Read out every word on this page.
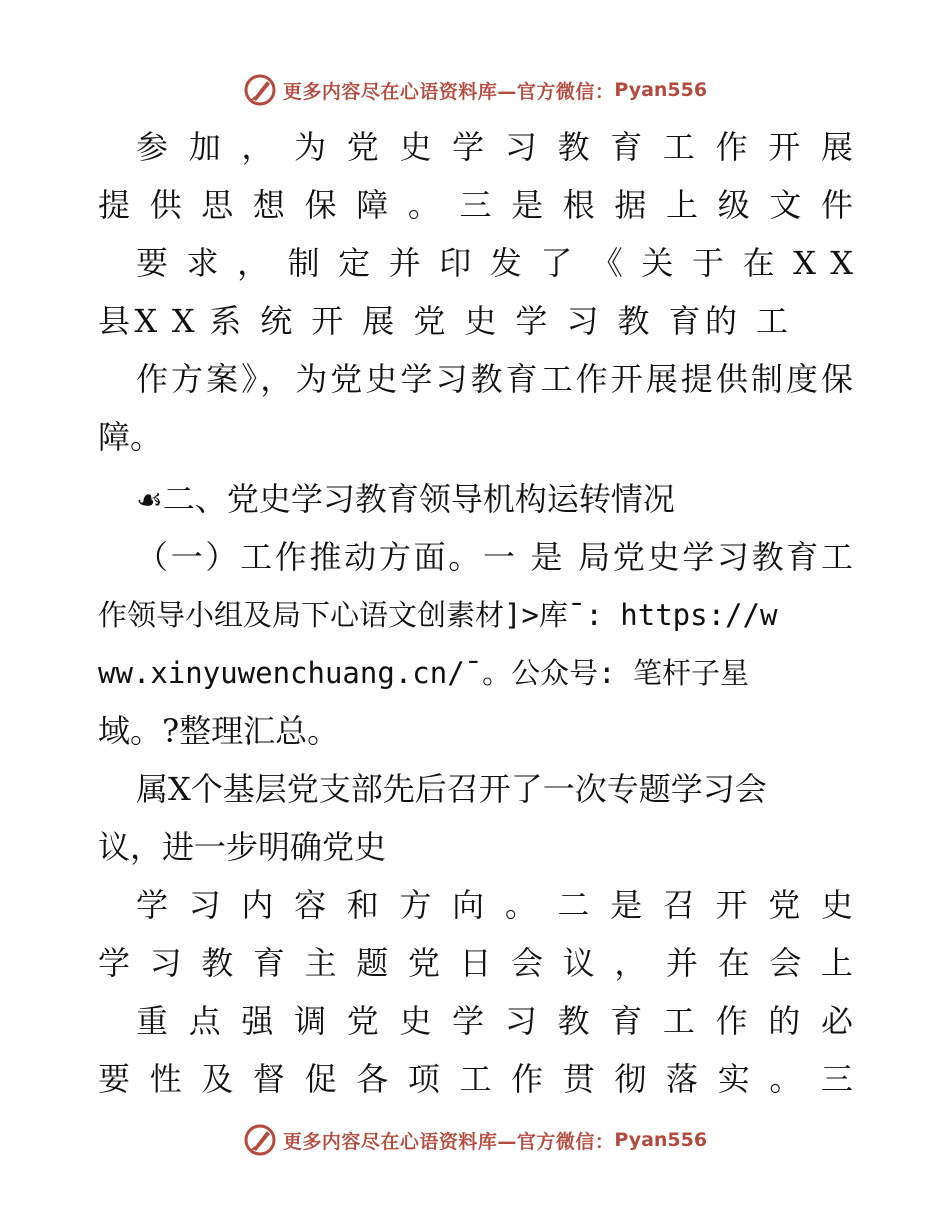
更多内容尽在心语资料库—官方微信： Pyan556
参 加 ， 为 党 史 学 习 教 育 工 作 开 展
提 供 思 想 保 障 。 三 是 根 据 上 级 文 件
要 求 ， 制 定 并 印 发 了 《 关 于 在 X X
县X X 系 统 开 展 党 史 学 习 教 育的 工
作方案》，为党史学习教育工作开展提供制度保
障。
☙二、党史学习教育领导机构运转情况
（一）工作推动方面。一 是 局党史学习教育工
作领导小组及局下心语文创素材]>库¯: https://w
ww.xinyuwenchuang.cn/¯。公众号: 笔杆子星
域。?整理汇总。
属X个基层党支部先后召开了一次专题学习会
议，进一步明确党史
学 习 内 容 和 方 向 。 二 是 召 开 党 史
学 习 教 育 主 题 党 日 会 议 ， 并 在 会 上
重 点 强 调 党 史 学 习 教 育 工 作 的 必
要 性 及 督 促 各 项 工 作 贯 彻 落 实 。 三
更多内容尽在心语资料库—官方微信： Pyan556
